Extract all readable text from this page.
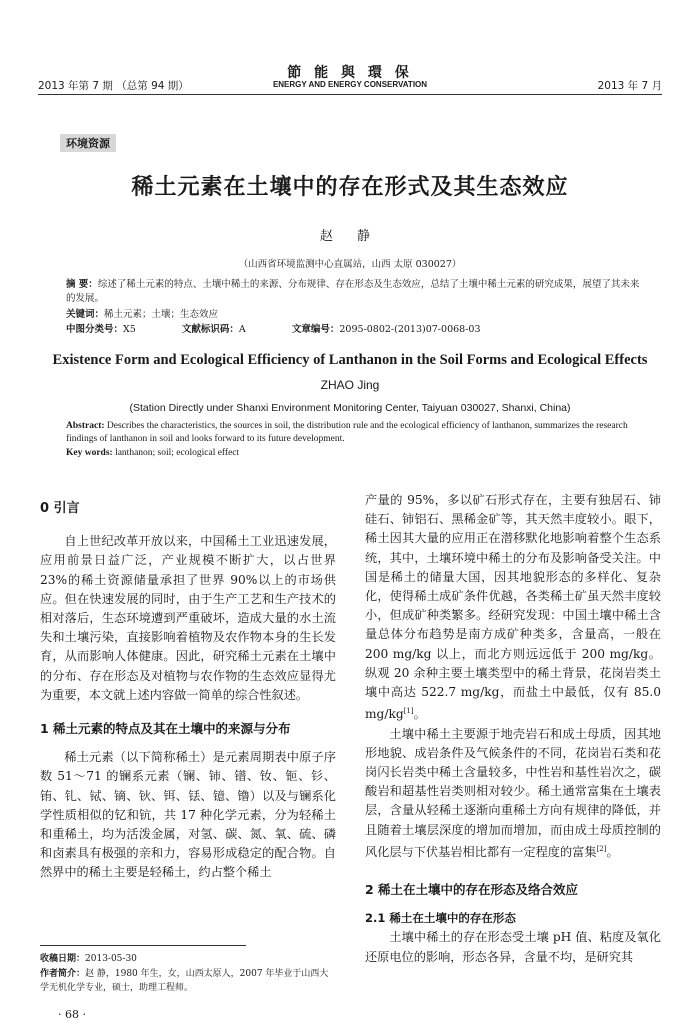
2013 年第 7 期 （总第 94 期）
節 能 與 環 保
ENERGY AND ENERGY CONSERVATION	2013 年 7 月
环境资源
稀土元素在土壤中的存在形式及其生态效应
赵 静
（山西省环境监测中心直属站，山西 太原 030027）
摘 要：综述了稀土元素的特点、土壤中稀土的来源、分布规律、存在形态及生态效应，总结了土壤中稀土元素的研究成果，展望了其未来的发展。
关键词：稀土元素；土壤；生态效应
中图分类号：X5	文献标识码：A	文章编号：2095-0802-(2013)07-0068-03
Existence Form and Ecological Efficiency of Lanthanon in the Soil Forms and Ecological Effects
ZHAO Jing
(Station Directly under Shanxi Environment Monitoring Center, Taiyuan 030027, Shanxi, China)
Abstract: Describes the characteristics, the sources in soil, the distribution rule and the ecological efficiency of lanthanon, summarizes the research findings of lanthanon in soil and looks forward to its future development.
Key words: lanthanon; soil; ecological effect

0 引言

自上世纪改革开放以来，中国稀土工业迅速发展，应用前景日益广泛，产业规模不断扩大，以占世界 23%的稀土资源储量承担了世界 90%以上的市场供应。但在快速发展的同时，由于生产工艺和生产技术的相对落后，生态环境遭到严重破坏，造成大量的水土流失和土壤污染，直接影响着植物及农作物本身的生长发育，从而影响人体健康。因此，研究稀土元素在土壤中的分布、存在形态及对植物与农作物的生态效应显得尤为重要，本文就上述内容做一简单的综合性叙述。

1 稀土元素的特点及其在土壤中的来源与分布

稀土元素（以下简称稀土）是元素周期表中原子序数 51～71 的镧系元素（镧、铈、镨、钕、钷、钐、铕、钆、铽、镝、钬、铒、铥、镱、镥）以及与镧系化学性质相似的钇和钪，共 17 种化学元素，分为轻稀土和重稀土，均为活泼金属，对氢、碳、氮、氧、硫、磷和卤素具有极强的亲和力，容易形成稳定的配合物。自然界中的稀土主要是轻稀土，约占整个稀土

产量的 95%，多以矿石形式存在，主要有独居石、铈硅石、铈铝石、黑稀金矿等，其天然丰度较小。眼下，稀土因其大量的应用正在潜移默化地影响着整个生态系统，其中，土壤环境中稀土的分布及影响备受关注。中国是稀土的储量大国，因其地貌形态的多样化、复杂化，使得稀土成矿条件优越，各类稀土矿虽天然丰度较小，但成矿种类繁多。经研究发现：中国土壤中稀土含量总体分布趋势是南方成矿种类多，含量高，一般在 200 mg/kg 以上，而北方则远远低于 200 mg/kg。纵观 20 余种主要土壤类型中的稀土背景，花岗岩类土壤中高达 522.7 mg/kg，而盐土中最低，仅有 85.0 mg/kg[1]。

土壤中稀土主要源于地壳岩石和成土母质，因其地形地貌、成岩条件及气候条件的不同，花岗岩石类和花岗闪长岩类中稀土含量较多，中性岩和基性岩次之，碳酸岩和超基性岩类则相对较少。稀土通常富集在土壤表层，含量从轻稀土逐渐向重稀土方向有规律的降低，并且随着土壤层深度的增加而增加，而由成土母质控制的风化层与下伏基岩相比都有一定程度的富集[2]。

2 稀土在土壤中的存在形态及络合效应

2.1 稀土在土壤中的存在形态

土壤中稀土的存在形态受土壤 pH 值、粘度及氧化还原电位的影响，形态各异，含量不均，是研究其

收稿日期：2013-05-30
作者简介：赵 静，1980 年生，女，山西太原人，2007 年毕业于山西大学无机化学专业，硕士，助理工程师。
· 68 ·
